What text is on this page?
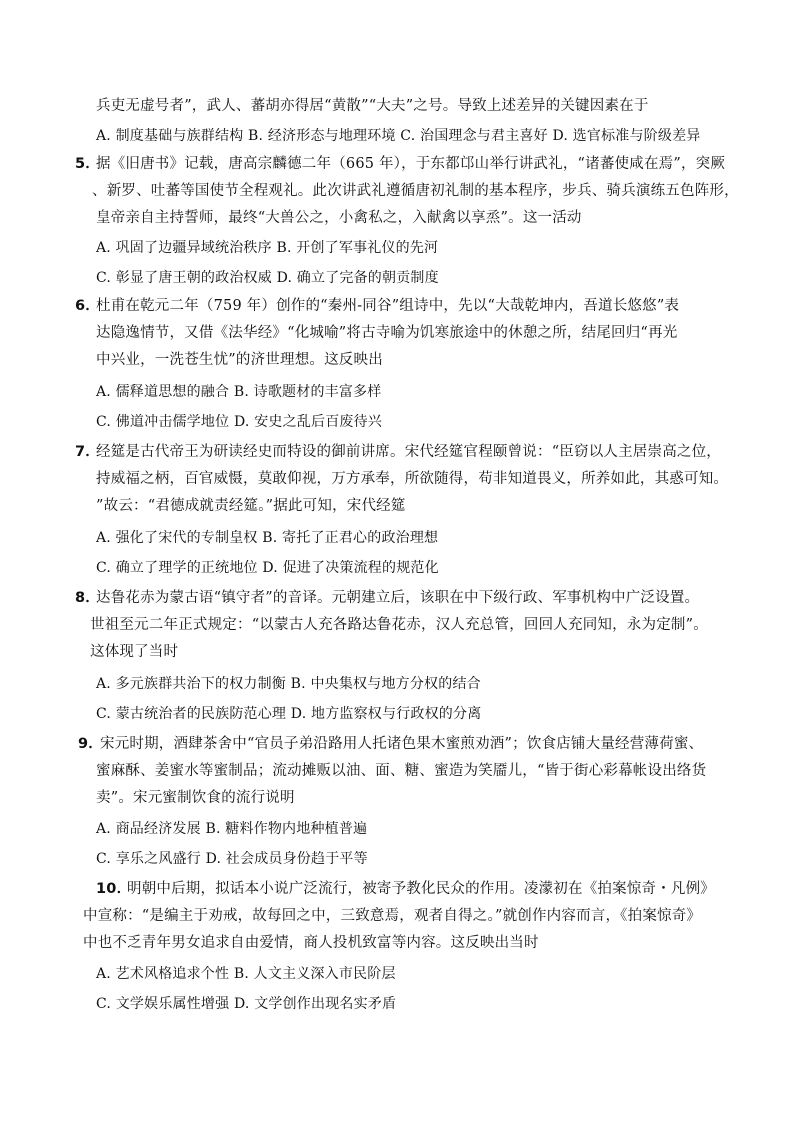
兵吏无虚号者”，武人、蕃胡亦得居“黄散”“大夫”之号。导致上述差异的关键因素在于
A. 制度基础与族群结构 B. 经济形态与地理环境 C. 治国理念与君主喜好 D. 选官标准与阶级差异
5．
据《旧唐书》记载，唐高宗麟德二年（665 年），于东都邙山举行讲武礼，“诸蕃使咸在焉”，突厥
、新罗、吐蕃等国使节全程观礼。此次讲武礼遵循唐初礼制的基本程序，步兵、骑兵演练五色阵形，
皇帝亲自主持誓师，最终“大兽公之，小禽私之，入献禽以享烝”。这一活动
A. 巩固了边疆异域统治秩序 B. 开创了军事礼仪的先河
C. 彰显了唐王朝的政治权威 D. 确立了完备的朝贡制度
6．
杜甫在乾元二年（759 年）创作的“秦州-同谷”组诗中，先以“大哉乾坤内，吾道长悠悠”表
达隐逸情节，又借《法华经》“化城喻”将古寺喻为饥寒旅途中的休憩之所，结尾回归“再光
中兴业，一洗苍生忧”的济世理想。这反映出
A. 儒释道思想的融合 B. 诗歌题材的丰富多样
C. 佛道冲击儒学地位 D. 安史之乱后百废待兴
7．
经筵是古代帝王为研读经史而特设的御前讲席。宋代经筵官程颐曾说：“臣窃以人主居崇高之位，
持威福之柄，百官威慑，莫敢仰视，万方承奉，所欲随得，苟非知道畏义，所养如此，其惑可知。
”故云：“君德成就责经筵。”据此可知，宋代经筵
A. 强化了宋代的专制皇权 B. 寄托了正君心的政治理想
C. 确立了理学的正统地位 D. 促进了决策流程的规范化
8．
达鲁花赤为蒙古语“镇守者”的音译。元朝建立后，该职在中下级行政、军事机构中广泛设置。
世祖至元二年正式规定：“以蒙古人充各路达鲁花赤，汉人充总管，回回人充同知，永为定制”。
这体现了当时
A. 多元族群共治下的权力制衡 B. 中央集权与地方分权的结合
C. 蒙古统治者的民族防范心理 D. 地方监察权与行政权的分离
9．
宋元时期，酒肆茶舍中“官员子弟沿路用人托诸色果木蜜煎劝酒”；饮食店铺大量经营薄荷蜜、
蜜麻酥、姜蜜水等蜜制品；流动摊贩以油、面、糖、蜜造为笑靥儿，“皆于街心彩幕帐设出络货
卖”。宋元蜜制饮食的流行说明
A. 商品经济发展 B. 糖料作物内地种植普遍
C. 享乐之风盛行 D. 社会成员身份趋于平等
10．
明朝中后期，拟话本小说广泛流行，被寄予教化民众的作用。凌濛初在《拍案惊奇・凡例》
中宣称：“是编主于劝戒，故每回之中，三致意焉，观者自得之。”就创作内容而言，《拍案惊奇》
中也不乏青年男女追求自由爱情，商人投机致富等内容。这反映出当时
A. 艺术风格追求个性 B. 人文主义深入市民阶层
C. 文学娱乐属性增强 D. 文学创作出现名实矛盾
